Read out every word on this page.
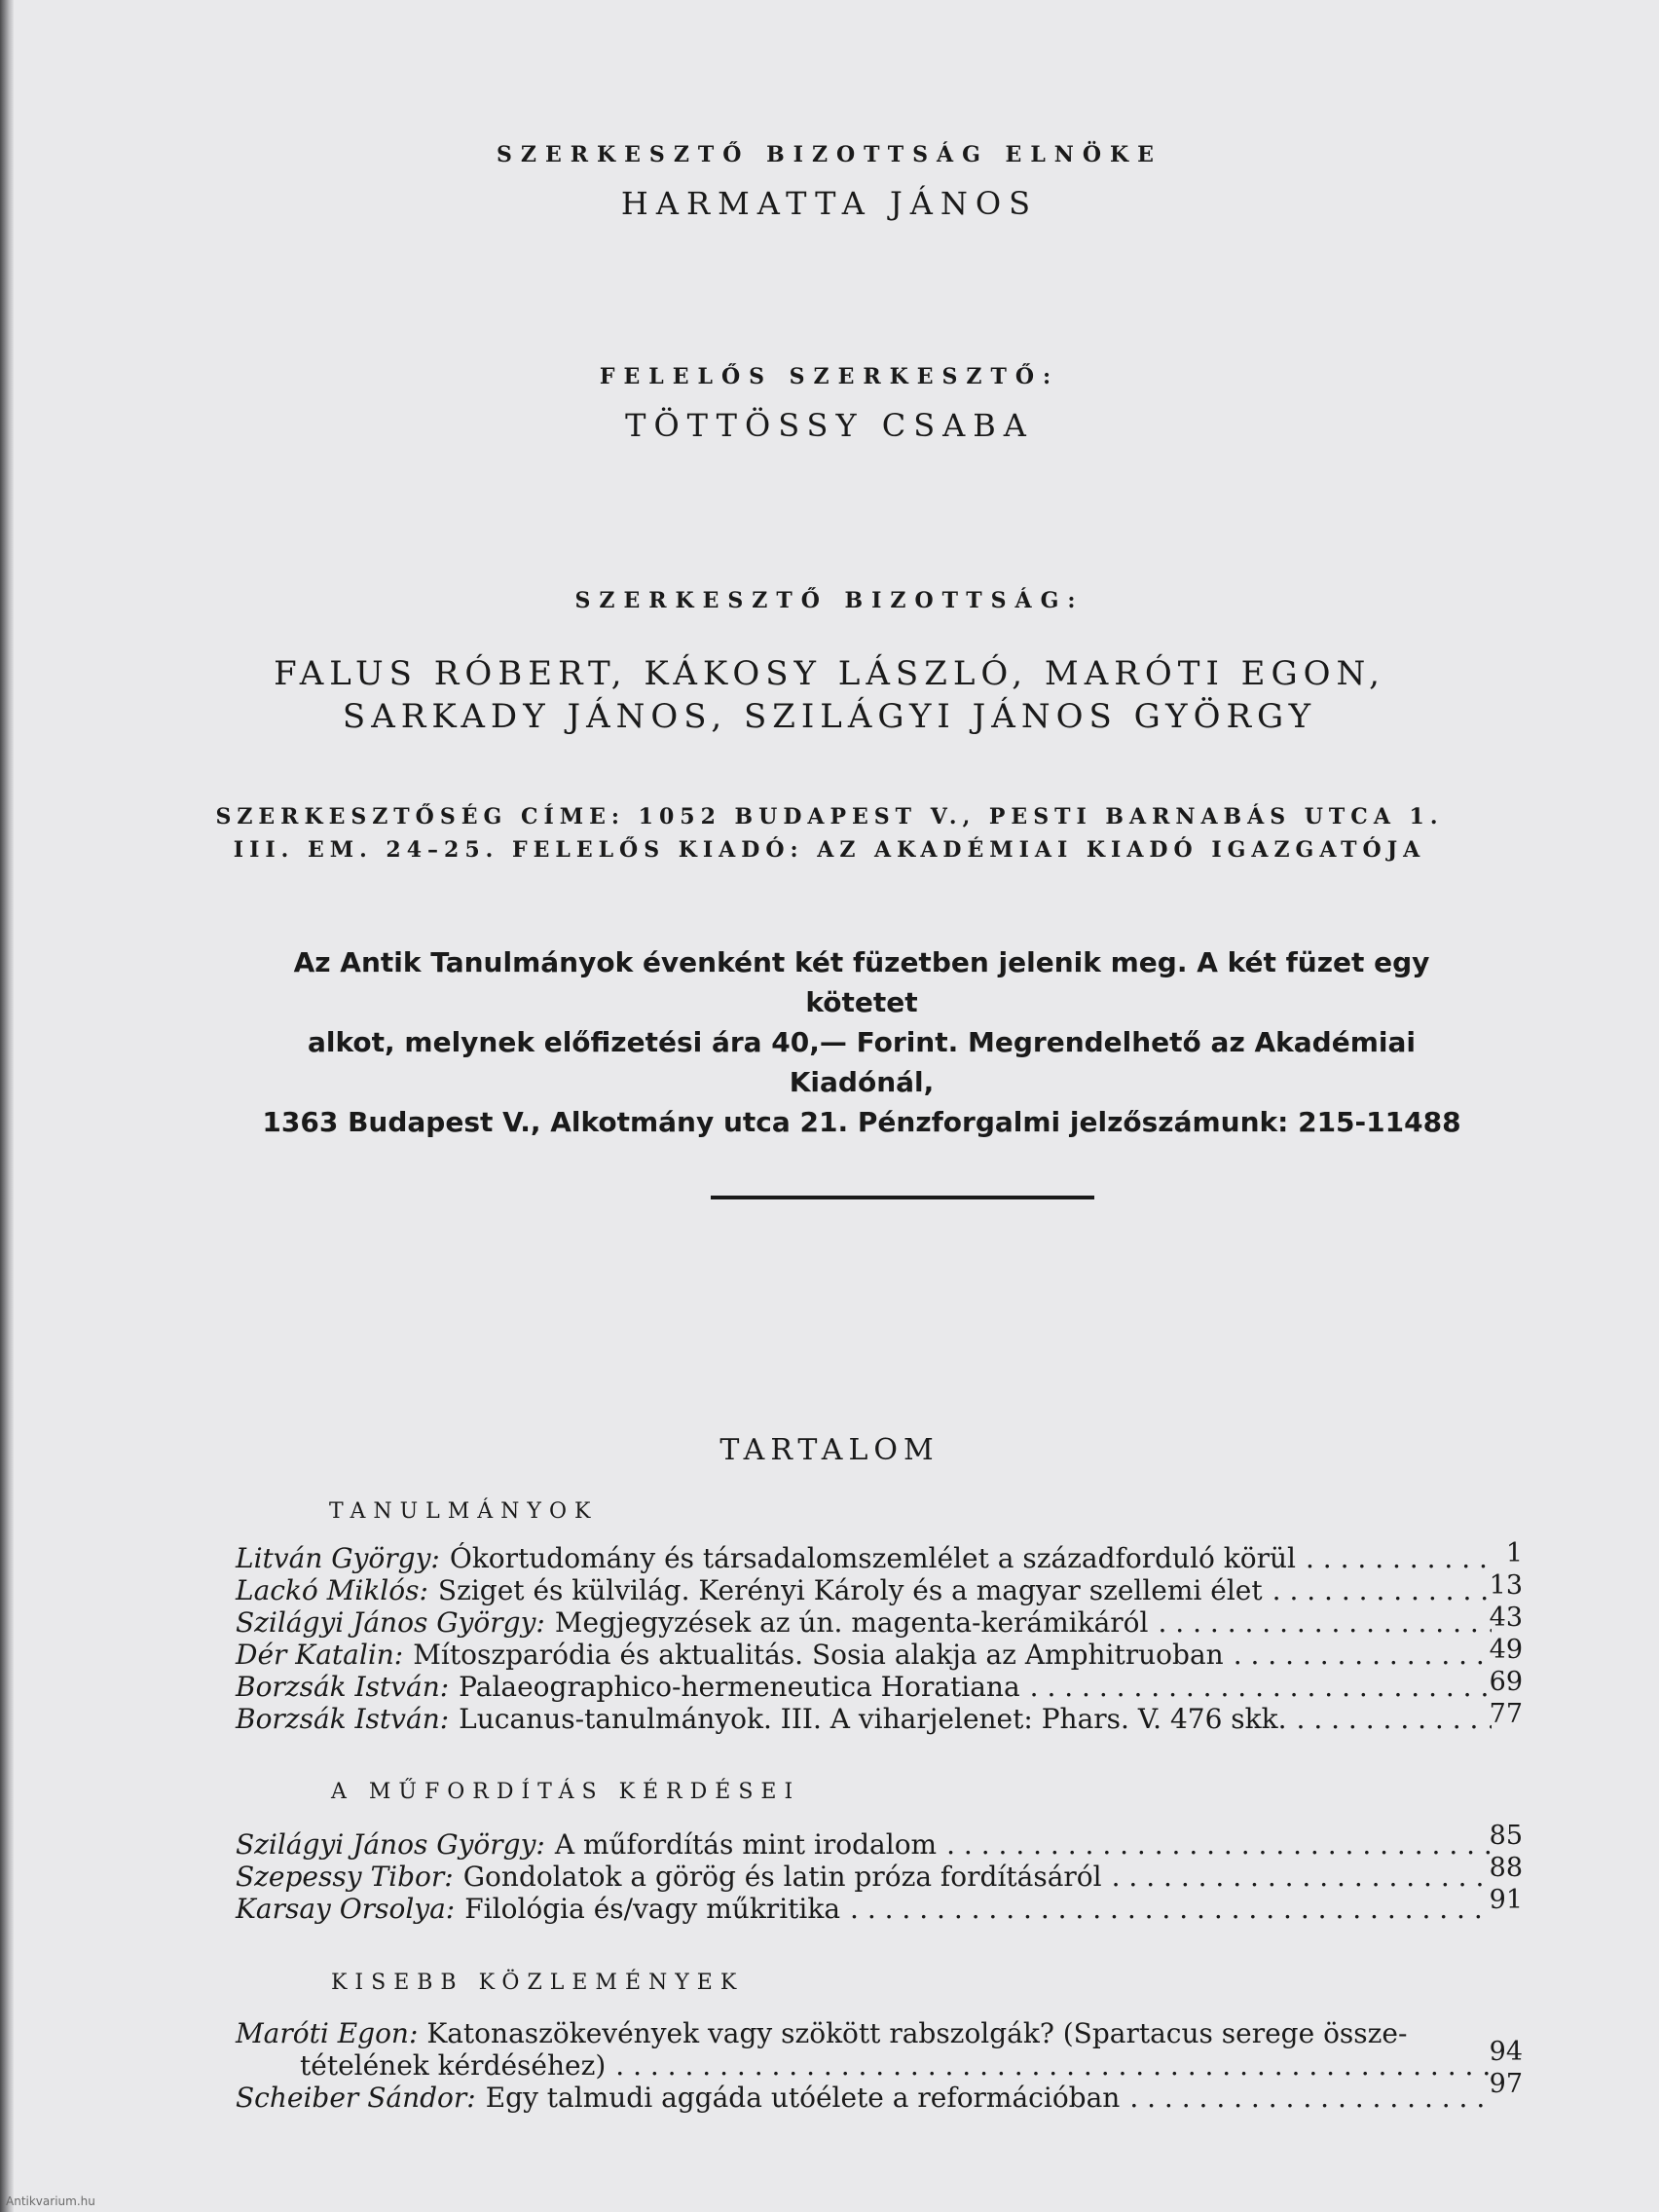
SZERKESZTŐ BIZOTTSÁG ELNÖKE
HARMATTA JÁNOS
FELELŐS SZERKESZTŐ:
TÖTTÖSSY CSABA
SZERKESZTŐ BIZOTTSÁG:
FALUS RÓBERT, KÁKOSY LÁSZLÓ, MARÓTI EGON,
SARKADY JÁNOS, SZILÁGYI JÁNOS GYÖRGY
SZERKESZTŐSÉG CÍME: 1052 BUDAPEST V., PESTI BARNABÁS UTCA 1.
III. EM. 24–25. FELELŐS KIADÓ: AZ AKADÉMIAI KIADÓ IGAZGATÓJA
Az Antik Tanulmányok évenként két füzetben jelenik meg. A két füzet egy kötetet
alkot, melynek előfizetési ára 40,— Forint. Megrendelhető az Akadémiai Kiadónál,
1363 Budapest V., Alkotmány utca 21. Pénzforgalmi jelzőszámunk: 215-11488
TARTALOM
TANULMÁNYOK
Litván György: Ókortudomány és társadalomszemlélet a századforduló körül . . .	1
Lackó Miklós: Sziget és külvilág. Kerényi Károly és a magyar szellemi élet . . .	13
Szilágyi János György: Megjegyzések az ún. magenta-kerámikáról . . .	43
Dér Katalin: Mítoszparódia és aktualitás. Sosia alakja az Amphitruoban . . .	49
Borzsák István: Palaeographico-hermeneutica Horatiana . . .	69
Borzsák István: Lucanus-tanulmányok. III. A viharjelenet: Phars. V. 476 skk. . . .	77
A MŰFORDÍTÁS KÉRDÉSEI
Szilágyi János György: A műfordítás mint irodalom . . .	85
Szepessy Tibor: Gondolatok a görög és latin próza fordításáról . . .	88
Karsay Orsolya: Filológia és/vagy műkritika . . .	91
KISEBB KÖZLEMÉNYEK
Maróti Egon: Katonaszökevények vagy szökött rabszolgák? (Spartacus serege össze-
tételének kérdéséhez) . . .	94
Scheiber Sándor: Egy talmudi aggáda utóélete a reformációban . . .	97
Antikvarium.hu
